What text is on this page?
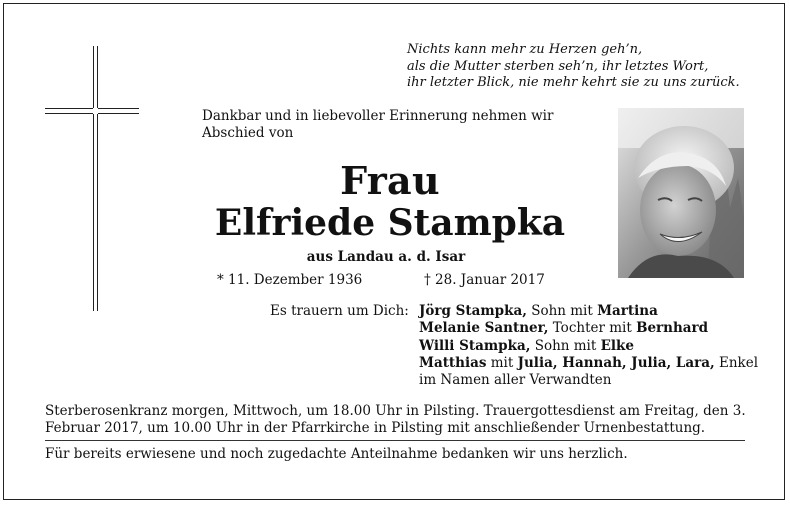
Nichts kann mehr zu Herzen geh’n,
als die Mutter sterben seh’n, ihr letztes Wort,
ihr letzter Blick, nie mehr kehrt sie zu uns zurück.
Dankbar und in liebevoller Erinnerung nehmen wir Abschied von
Frau
Elfriede Stampka
aus Landau a. d. Isar
* 11. Dezember 1936	† 28. Januar 2017
Es trauern um Dich: Jörg Stampka, Sohn mit Martina
Melanie Santner, Tochter mit Bernhard
Willi Stampka, Sohn mit Elke
Matthias mit Julia, Hannah, Julia, Lara, Enkel
im Namen aller Verwandten
Sterberosenkranz morgen, Mittwoch, um 18.00 Uhr in Pilsting. Trauergottesdienst am Freitag, den 3. Februar 2017, um 10.00 Uhr in der Pfarrkirche in Pilsting mit anschließender Urnenbestattung.
Für bereits erwiesene und noch zugedachte Anteilnahme bedanken wir uns herzlich.
